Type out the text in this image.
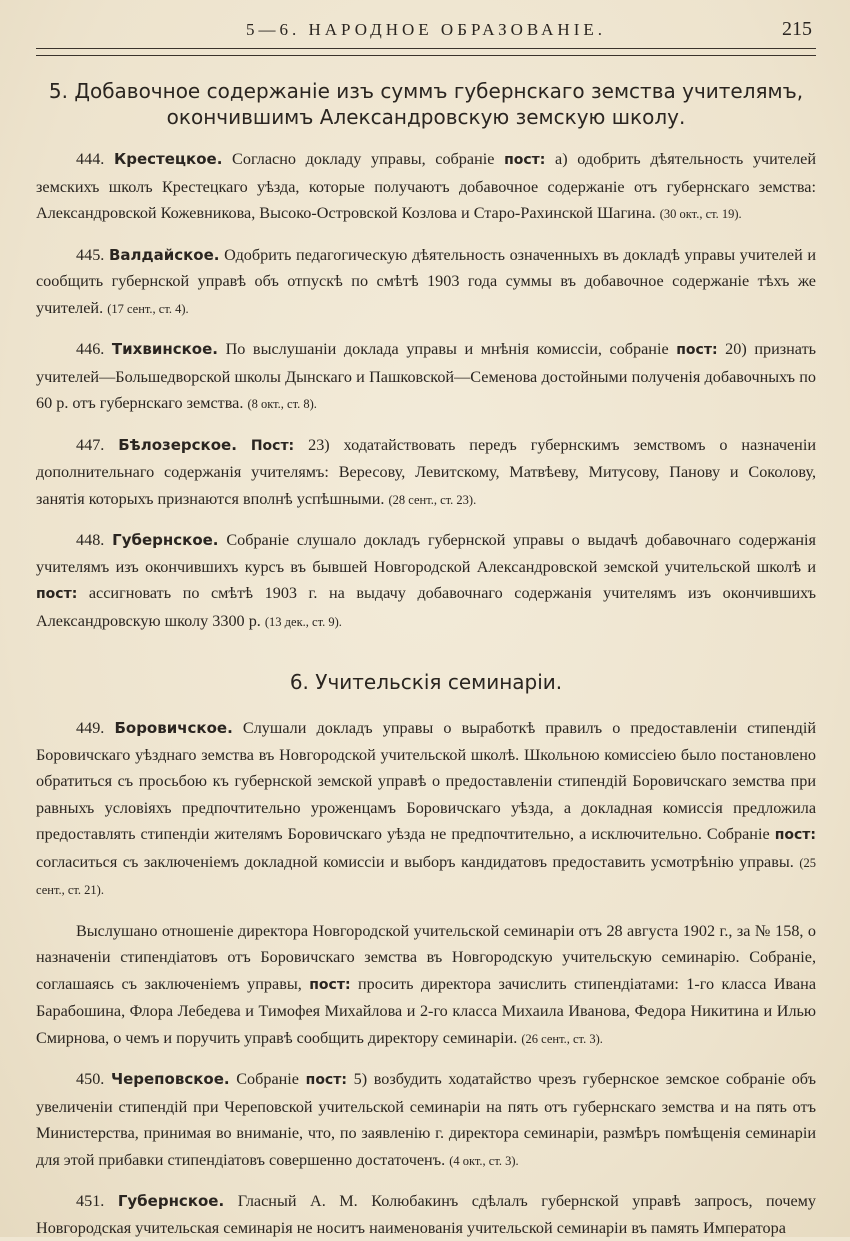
5—6. НАРОДНОЕ ОБРАЗОВАНІЕ.	215
5. Добавочное содержаніе изъ суммъ губернскаго земства учителямъ, окончившимъ Александровскую земскую школу.

444. Крестецкое. Согласно докладу управы, собраніе пост: а) одобрить дѣятельность учителей земскихъ школъ Крестецкаго уѣзда, которые получаютъ добавочное содержаніе отъ губернскаго земства: Александровской Кожевникова, Высоко-Островской Козлова и Старо-Рахинской Шагина. (30 окт., ст. 19).

445. Валдайское. Одобрить педагогическую дѣятельность означенныхъ въ докладѣ управы учителей и сообщить губернской управѣ объ отпускѣ по смѣтѣ 1903 года суммы въ добавочное содержаніе тѣхъ же учителей. (17 сент., ст. 4).

446. Тихвинское. По выслушаніи доклада управы и мнѣнія комиссіи, собраніе пост: 20) признать учителей—Большедворской школы Дынскаго и Пашковской—Семенова достойными полученія добавочныхъ по 60 р. отъ губернскаго земства. (8 окт., ст. 8).

447. Бѣлозерское. Пост: 23) ходатайствовать передъ губернскимъ земствомъ о назначеніи дополнительнаго содержанія учителямъ: Вересову, Левитскому, Матвѣеву, Митусову, Панову и Соколову, занятія которыхъ признаются вполнѣ успѣшными. (28 сент., ст. 23).

448. Губернское. Собраніе слушало докладъ губернской управы о выдачѣ добавочнаго содержанія учителямъ изъ окончившихъ курсъ въ бывшей Новгородской Александровской земской учительской школѣ и пост: ассигновать по смѣтѣ 1903 г. на выдачу добавочнаго содержанія учителямъ изъ окончившихъ Александровскую школу 3300 р. (13 дек., ст. 9).

6. Учительскія семинаріи.

449. Боровичское. Слушали докладъ управы о выработкѣ правилъ о предоставленіи стипендій Боровичскаго уѣзднаго земства въ Новгородской учительской школѣ. Школьною комиссіею было постановлено обратиться съ просьбою къ губернской земской управѣ о предоставленіи стипендій Боровичскаго земства при равныхъ условіяхъ предпочтительно уроженцамъ Боровичскаго уѣзда, а докладная комиссія предложила предоставлять стипендіи жителямъ Боровичскаго уѣзда не предпочтительно, а исключительно. Собраніе пост: согласиться съ заключеніемъ докладной комиссіи и выборъ кандидатовъ предоставить усмотрѣнію управы. (25 сент., ст. 21).

Выслушано отношеніе директора Новгородской учительской семинаріи отъ 28 августа 1902 г., за № 158, о назначеніи стипендіатовъ отъ Боровичскаго земства въ Новгородскую учительскую семинарію. Собраніе, соглашаясь съ заключеніемъ управы, пост: просить директора зачислить стипендіатами: 1-го класса Ивана Барабошина, Флора Лебедева и Тимофея Михайлова и 2-го класса Михаила Иванова, Федора Никитина и Илью Смирнова, о чемъ и поручить управѣ сообщить директору семинаріи. (26 сент., ст. 3).

450. Череповское. Собраніе пост: 5) возбудить ходатайство чрезъ губернское земское собраніе объ увеличеніи стипендій при Череповской учительской семинаріи на пять отъ губернскаго земства и на пять отъ Министерства, принимая во вниманіе, что, по заявленію г. директора семинаріи, размѣръ помѣщенія семинаріи для этой прибавки стипендіатовъ совершенно достаточенъ. (4 окт., ст. 3).

451. Губернское. Гласный А. М. Колюбакинъ сдѣлалъ губернской управѣ запросъ, почему Новгородская учительская семинарія не носитъ наименованія учительской семинаріи въ память Императора
